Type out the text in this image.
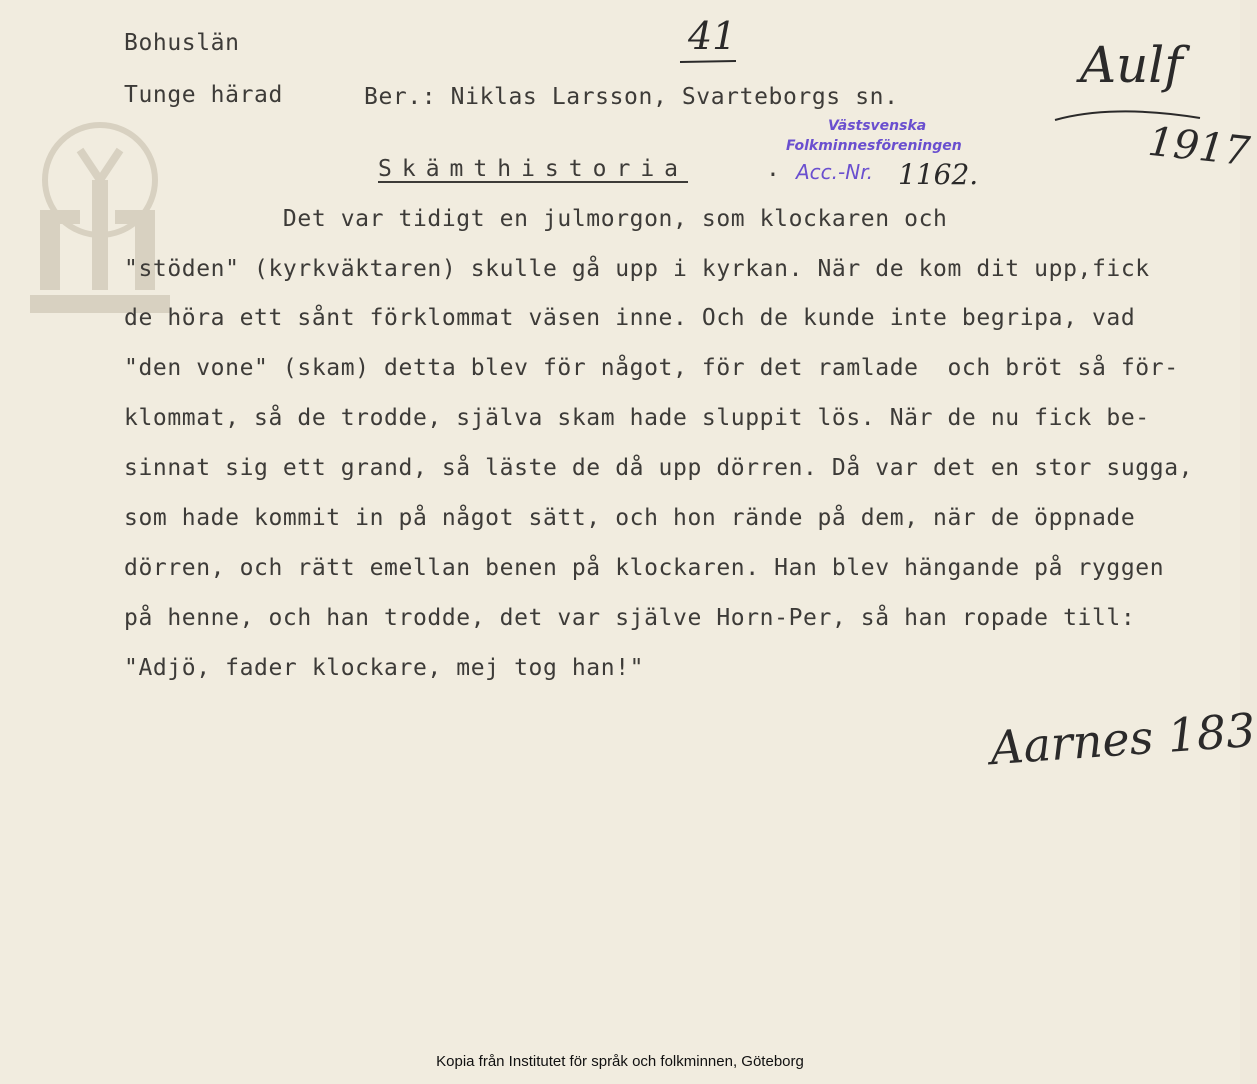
Bohuslän
Tunge härad	Ber.: Niklas Larsson, Svarteborgs sn.
41	Aulf
1917
Västsvenska
Folkminnesföreningen
Acc.-Nr. 1162.
Skämthistoria	.
Det var tidigt en julmorgon, som klockaren och
"stöden" (kyrkväktaren) skulle gå upp i kyrkan. När de kom dit upp,fick
de höra ett sånt förklommat väsen inne. Och de kunde inte begripa, vad
"den vone" (skam) detta blev för något, för det ramlade  och bröt så för-
klommat, så de trodde, själva skam hade sluppit lös. När de nu fick be-
sinnat sig ett grand, så läste de då upp dörren. Då var det en stor sugga,
som hade kommit in på något sätt, och hon rände på dem, när de öppnade
dörren, och rätt emellan benen på klockaren. Han blev hängande på ryggen
på henne, och han trodde, det var själve Horn-Per, så han ropade till:
"Adjö, fader klockare, mej tog han!"
Aarnes 183
Kopia från Institutet för språk och folkminnen, Göteborg
